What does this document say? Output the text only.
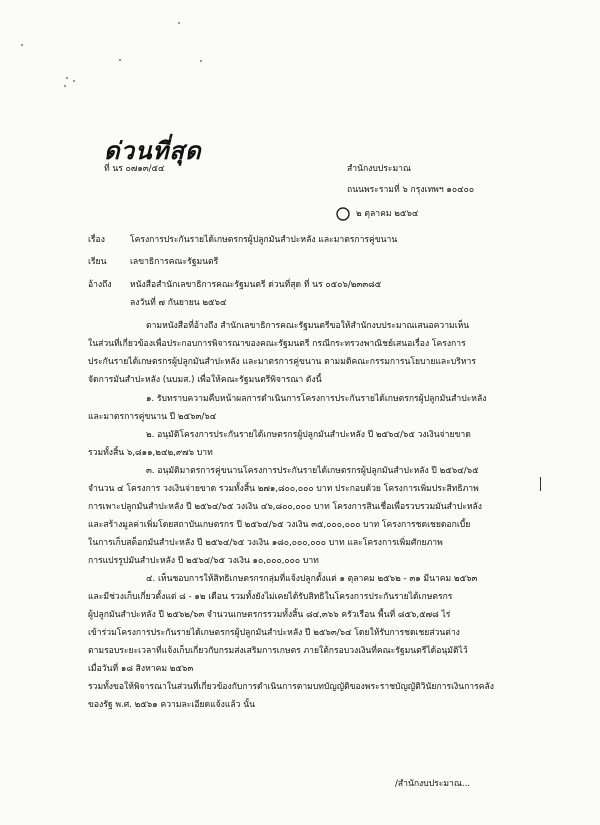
ด่วนที่สุด
ที่ นร ๐๗๑๓/๕๔	สำนักงบประมาณ
ถนนพระรามที่ ๖ กรุงเทพฯ ๑๐๔๐๐
๒ ตุลาคม ๒๕๖๔
เรื่อง	โครงการประกันรายได้เกษตรกรผู้ปลูกมันสำปะหลัง และมาตรการคู่ขนาน
เรียน	เลขาธิการคณะรัฐมนตรี
อ้างถึง หนังสือสำนักเลขาธิการคณะรัฐมนตรี ด่วนที่สุด ที่ นร ๐๕๐๖/๒๓๓๘๕
ลงวันที่ ๗ กันยายน ๒๕๖๔
ตามหนังสือที่อ้างถึง สำนักเลขาธิการคณะรัฐมนตรีขอให้สำนักงบประมาณเสนอความเห็น
ในส่วนที่เกี่ยวข้องเพื่อประกอบการพิจารณาของคณะรัฐมนตรี กรณีกระทรวงพาณิชย์เสนอเรื่อง โครงการ
ประกันรายได้เกษตรกรผู้ปลูกมันสำปะหลัง และมาตรการคู่ขนาน ตามมติคณะกรรมการนโยบายและบริหาร
จัดการมันสำปะหลัง (นบมส.) เพื่อให้คณะรัฐมนตรีพิจารณา ดังนี้
๑. รับทราบความคืบหน้าผลการดำเนินการโครงการประกันรายได้เกษตรกรผู้ปลูกมันสำปะหลัง
และมาตรการคู่ขนาน ปี ๒๕๖๓/๖๔
๒. อนุมัติโครงการประกันรายได้เกษตรกรผู้ปลูกมันสำปะหลัง ปี ๒๕๖๔/๖๕ วงเงินจ่ายขาด
รวมทั้งสิ้น ๖,๘๑๑,๒๔๒,๙๗๖ บาท
๓. อนุมัติมาตรการคู่ขนานโครงการประกันรายได้เกษตรกรผู้ปลูกมันสำปะหลัง ปี ๒๕๖๔/๖๕
จำนวน ๔ โครงการ วงเงินจ่ายขาด รวมทั้งสิ้น ๒๗๑,๘๐๐,๐๐๐ บาท ประกอบด้วย โครงการเพิ่มประสิทธิภาพ
การเพาะปลูกมันสำปะหลัง ปี ๒๕๖๔/๖๕ วงเงิน ๔๖,๘๐๐,๐๐๐ บาท โครงการสินเชื่อเพื่อรวบรวมมันสำปะหลัง
และสร้างมูลค่าเพิ่มโดยสถาบันเกษตรกร ปี ๒๕๖๔/๖๕ วงเงิน ๓๕,๐๐๐,๐๐๐ บาท โครงการชดเชยดอกเบี้ย
ในการเก็บสต็อกมันสำปะหลัง ปี ๒๕๖๔/๖๕ วงเงิน ๑๘๐,๐๐๐,๐๐๐ บาท และโครงการเพิ่มศักยภาพ
การแปรรูปมันสำปะหลัง ปี ๒๕๖๔/๖๕ วงเงิน ๑๐,๐๐๐,๐๐๐ บาท
๔. เห็นชอบการให้สิทธิเกษตรกรกลุ่มที่แจ้งปลูกตั้งแต่ ๑ ตุลาคม ๒๕๖๒ - ๓๑ มีนาคม ๒๕๖๓
และมีช่วงเก็บเกี่ยวตั้งแต่ ๘ - ๑๒ เดือน รวมทั้งยังไม่เคยได้รับสิทธิในโครงการประกันรายได้เกษตรกร
ผู้ปลูกมันสำปะหลัง ปี ๒๕๖๒/๖๓ จำนวนเกษตรกรรวมทั้งสิ้น ๘๔,๓๖๖ ครัวเรือน พื้นที่ ๘๕๖,๕๗๘ ไร่
เข้าร่วมโครงการประกันรายได้เกษตรกรผู้ปลูกมันสำปะหลัง ปี ๒๕๖๓/๖๔ โดยให้รับการชดเชยส่วนต่าง
ตามรอบระยะเวลาที่แจ้งเก็บเกี่ยวกับกรมส่งเสริมการเกษตร ภายใต้กรอบวงเงินที่คณะรัฐมนตรีได้อนุมัติไว้
เมื่อวันที่ ๑๘ สิงหาคม ๒๕๖๓
รวมทั้งขอให้พิจารณาในส่วนที่เกี่ยวข้องกับการดำเนินการตามบทบัญญัติของพระราชบัญญัติวินัยการเงินการคลัง
ของรัฐ พ.ศ. ๒๕๖๑ ความละเอียดแจ้งแล้ว นั้น
/สำนักงบประมาณ...
